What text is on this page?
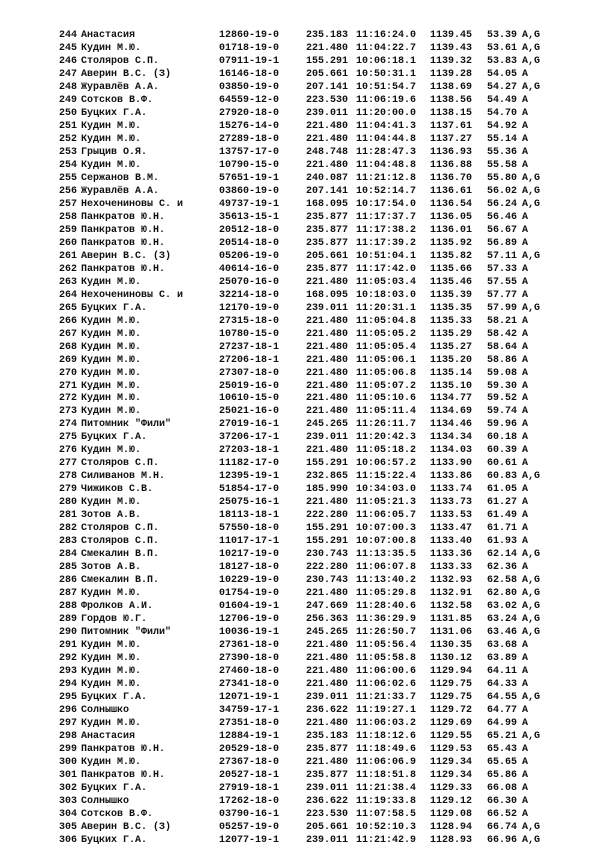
244 Анастасия	12860-19-0	235.183 11:16:24.0 1139.45 53.39 A,G
245 Кудин М.Ю.	01718-19-0	221.480 11:04:22.7 1139.43 53.61 A,G
246 Столяров С.П.	07911-19-1	155.291 10:06:18.1 1139.32 53.83 A,G
247 Аверин В.С. (З)	16146-18-0	205.661 10:50:31.1 1139.28 54.05 A
248 Журавлёв А.А.	03850-19-0	207.141 10:51:54.7 1138.69 54.27 A,G
249 Сотсков В.Ф.	64559-12-0	223.530 11:06:19.6 1138.56 54.49 A
250 Буцких Г.А.	27920-18-0	239.011 11:20:00.0 1138.15 54.70 A
251 Кудин М.Ю.	15276-14-0	221.480 11:04:41.3 1137.61 54.92 A
252 Кудин М.Ю.	27289-18-0	221.480 11:04:44.8 1137.27 55.14 A
253 Грыцив О.Я.	13757-17-0	248.748 11:28:47.3 1136.93 55.36 A
254 Кудин М.Ю.	10790-15-0	221.480 11:04:48.8 1136.88 55.58 A
255 Сержанов В.М.	57651-19-1	240.087 11:21:12.8 1136.70 55.80 A,G
256 Журавлёв А.А.	03860-19-0	207.141 10:52:14.7 1136.61 56.02 A,G
257 Нехочениновы С. и	49737-19-1	168.095 10:17:54.0 1136.54 56.24 A,G
258 Панкратов Ю.Н.	35613-15-1	235.877 11:17:37.7 1136.05 56.46 A
259 Панкратов Ю.Н.	20512-18-0	235.877 11:17:38.2 1136.01 56.67 A
260 Панкратов Ю.Н.	20514-18-0	235.877 11:17:39.2 1135.92 56.89 A
261 Аверин В.С. (З)	05206-19-0	205.661 10:51:04.1 1135.82 57.11 A,G
262 Панкратов Ю.Н.	40614-16-0	235.877 11:17:42.0 1135.66 57.33 A
263 Кудин М.Ю.	25070-16-0	221.480 11:05:03.4 1135.46 57.55 A
264 Нехочениновы С. и	32214-18-0	168.095 10:18:03.0 1135.39 57.77 A
265 Буцких Г.А.	12170-19-0	239.011 11:20:31.1 1135.35 57.99 A,G
266 Кудин М.Ю.	27315-18-0	221.480 11:05:04.8 1135.33 58.21 A
267 Кудин М.Ю.	10780-15-0	221.480 11:05:05.2 1135.29 58.42 A
268 Кудин М.Ю.	27237-18-1	221.480 11:05:05.4 1135.27 58.64 A
269 Кудин М.Ю.	27206-18-1	221.480 11:05:06.1 1135.20 58.86 A
270 Кудин М.Ю.	27307-18-0	221.480 11:05:06.8 1135.14 59.08 A
271 Кудин М.Ю.	25019-16-0	221.480 11:05:07.2 1135.10 59.30 A
272 Кудин М.Ю.	10610-15-0	221.480 11:05:10.6 1134.77 59.52 A
273 Кудин М.Ю.	25021-16-0	221.480 11:05:11.4 1134.69 59.74 A
274 Питомник "Фили"	27019-16-1	245.265 11:26:11.7 1134.46 59.96 A
275 Буцких Г.А.	37206-17-1	239.011 11:20:42.3 1134.34 60.18 A
276 Кудин М.Ю.	27203-18-1	221.480 11:05:18.2 1134.03 60.39 A
277 Столяров С.П.	11182-17-0	155.291 10:06:57.2 1133.90 60.61 A
278 Силиванов М.Н.	12395-19-1	232.865 11:15:22.4 1133.86 60.83 A,G
279 Чижиков С.В.	51854-17-0	185.990 10:34:03.0 1133.74 61.05 A
280 Кудин М.Ю.	25075-16-1	221.480 11:05:21.3 1133.73 61.27 A
281 Зотов А.В.	18113-18-1	222.280 11:06:05.7 1133.53 61.49 A
282 Столяров С.П.	57550-18-0	155.291 10:07:00.3 1133.47 61.71 A
283 Столяров С.П.	11017-17-1	155.291 10:07:00.8 1133.40 61.93 A
284 Смекалин В.П.	10217-19-0	230.743 11:13:35.5 1133.36 62.14 A,G
285 Зотов А.В.	18127-18-0	222.280 11:06:07.8 1133.33 62.36 A
286 Смекалин В.П.	10229-19-0	230.743 11:13:40.2 1132.93 62.58 A,G
287 Кудин М.Ю.	01754-19-0	221.480 11:05:29.8 1132.91 62.80 A,G
288 Фролков А.И.	01604-19-1	247.669 11:28:40.6 1132.58 63.02 A,G
289 Гордов Ю.Г.	12706-19-0	256.363 11:36:29.9 1131.85 63.24 A,G
290 Питомник "Фили"	10036-19-1	245.265 11:26:50.7 1131.06 63.46 A,G
291 Кудин М.Ю.	27361-18-0	221.480 11:05:56.4 1130.35 63.68 A
292 Кудин М.Ю.	27390-18-0	221.480 11:05:58.8 1130.12 63.89 A
293 Кудин М.Ю.	27460-18-0	221.480 11:06:00.6 1129.94 64.11 A
294 Кудин М.Ю.	27341-18-0	221.480 11:06:02.6 1129.75 64.33 A
295 Буцких Г.А.	12071-19-1	239.011 11:21:33.7 1129.75 64.55 A,G
296 Солнышко	34759-17-1	236.622 11:19:27.1 1129.72 64.77 A
297 Кудин М.Ю.	27351-18-0	221.480 11:06:03.2 1129.69 64.99 A
298 Анастасия	12884-19-1	235.183 11:18:12.6 1129.55 65.21 A,G
299 Панкратов Ю.Н.	20529-18-0	235.877 11:18:49.6 1129.53 65.43 A
300 Кудин М.Ю.	27367-18-0	221.480 11:06:06.9 1129.34 65.65 A
301 Панкратов Ю.Н.	20527-18-1	235.877 11:18:51.8 1129.34 65.86 A
302 Буцких Г.А.	27919-18-1	239.011 11:21:38.4 1129.33 66.08 A
303 Солнышко	17262-18-0	236.622 11:19:33.8 1129.12 66.30 A
304 Сотсков В.Ф.	03790-16-1	223.530 11:07:58.5 1129.08 66.52 A
305 Аверин В.С. (З)	05257-19-0	205.661 10:52:10.3 1128.94 66.74 A,G
306 Буцких Г.А.	12077-19-1	239.011 11:21:42.9 1128.93 66.96 A,G
